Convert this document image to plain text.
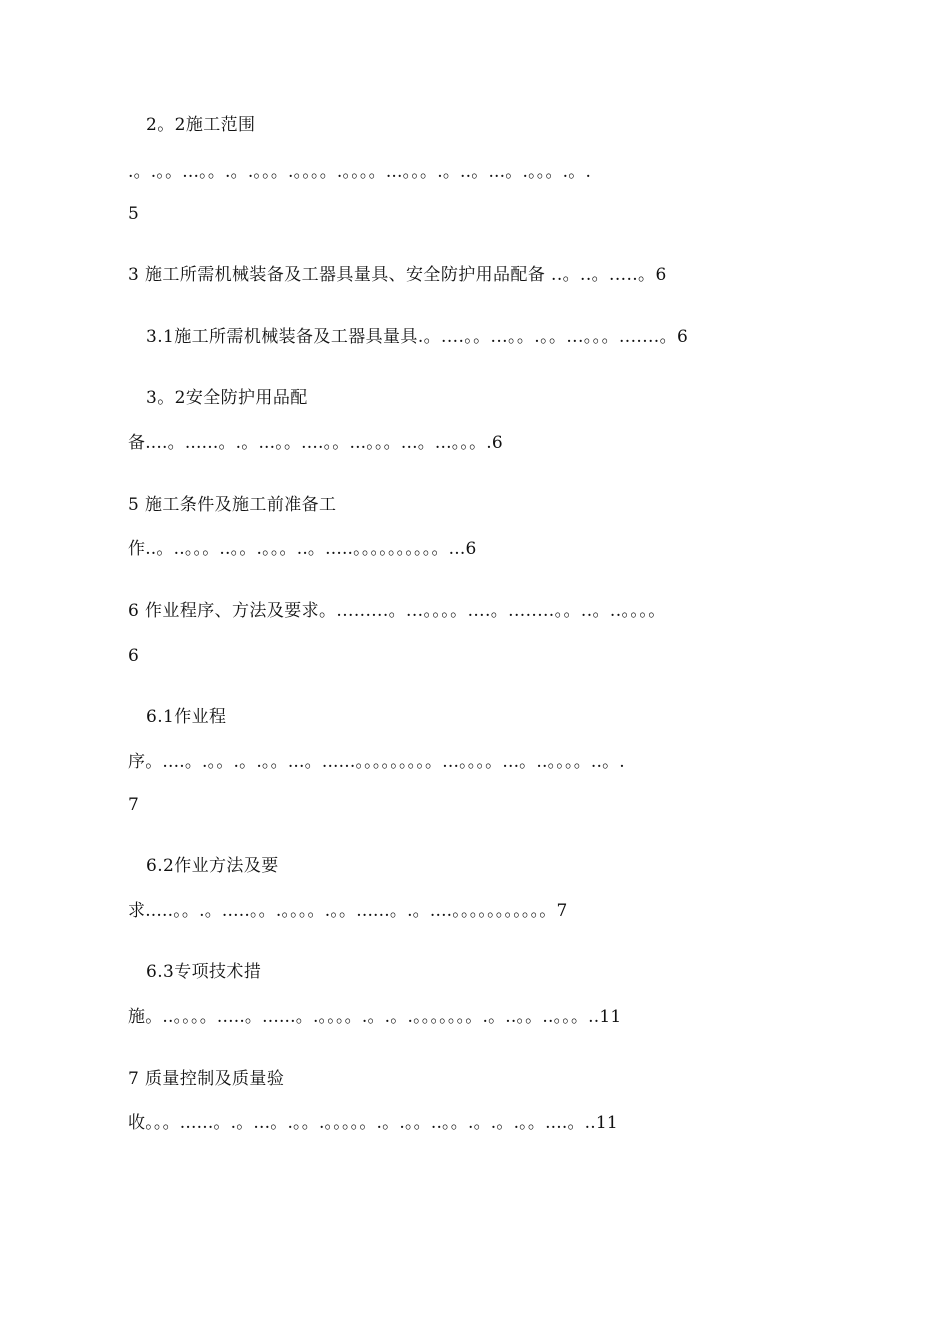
2。2施工范围
.。.。。...。。.。.。。。.。。。。.。。。。...。。。.。..。...。.。。。.。.
5
3 施工所需机械装备及工器具量具、安全防护用品配备 ..。..。.....。6
3.1施工所需机械装备及工器具量具.。....。。...。。.。。...。。。.......。6
3。2安全防护用品配
备....。......。.。...。。....。。...。。。...。...。。。.6
5 施工条件及施工前准备工
作..。..。。。..。。.。。。..。.....。。。。。。。。。。...6
6 作业程序、方法及要求。.........。...。。。。....。........。。..。..。。。。
6
6.1作业程
序。....。.。。.。.。。...。......。。。。。。。。。...。。。。...。..。。。。..。.
7
6.2作业方法及要
求.....。。.。.....。。.。。。。.。。......。.。....。。。。。。。。。。。7
6.3专项技术措
施。..。。。。.....。......。.。。。。.。.。.。。。。。。。.。..。。..。。。..11
7 质量控制及质量验
收。。。......。.。...。.。。.。。。。。.。.。。..。。.。.。.。。....。..11
